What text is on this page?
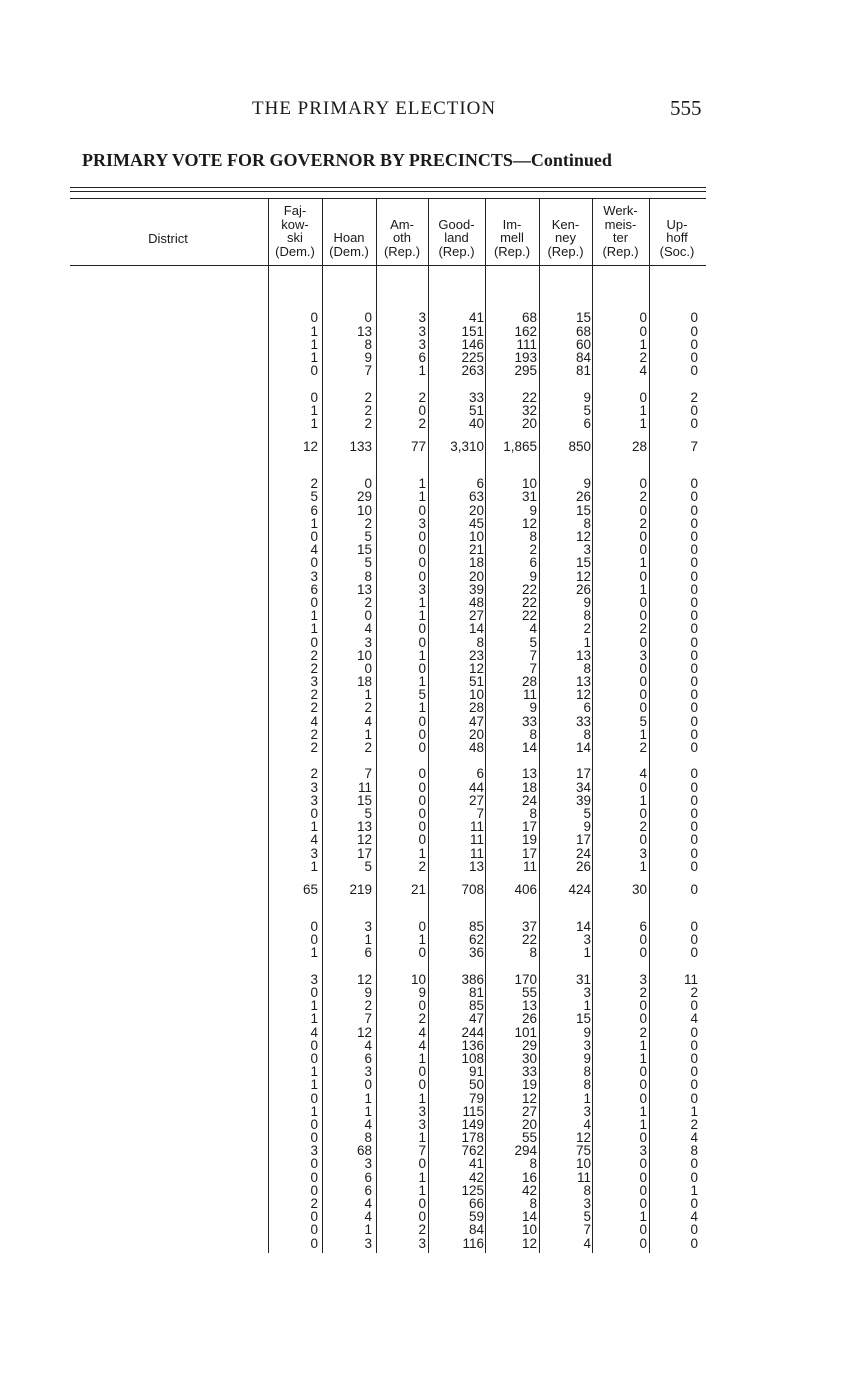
THE PRIMARY ELECTION	555
PRIMARY VOTE FOR GOVERNOR BY PRECINCTS—Continued
District
Faj-
kow-
ski
(Dem.)
Hoan
(Dem.)
Am-
oth
(Rep.)
Good-
land
(Rep.)
Im-
mell
(Rep.)
Ken-
ney
(Rep.)
Werk-
meis-
ter
(Rep.)
Up-
hoff
(Soc.)
0	0	3	41	68	15	0	0
1	13	3	151	162	68	0	0
1	8	3	146	111	60	1	0
1	9	6	225	193	84	2	0
0	7	1	263	295	81	4	0
0	2	2	33	22	9	0	2
1	2	0	51	32	5	1	0
1	2	2	40	20	6	1	0
12	133	77	3,310	1,865	850	28	7
2	0	1	6	10	9	0	0
5	29	1	63	31	26	2	0
6	10	0	20	9	15	0	0
1	2	3	45	12	8	2	0
0	5	0	10	8	12	0	0
4	15	0	21	2	3	0	0
0	5	0	18	6	15	1	0
3	8	0	20	9	12	0	0
6	13	3	39	22	26	1	0
0	2	1	48	22	9	0	0
1	0	1	27	22	8	0	0
1	4	0	14	4	2	2	0
0	3	0	8	5	1	0	0
2	10	1	23	7	13	3	0
2	0	0	12	7	8	0	0
3	18	1	51	28	13	0	0
2	1	5	10	11	12	0	0
2	2	1	28	9	6	0	0
4	4	0	47	33	33	5	0
2	1	0	20	8	8	1	0
2	2	0	48	14	14	2	0
2	7	0	6	13	17	4	0
3	11	0	44	18	34	0	0
3	15	0	27	24	39	1	0
0	5	0	7	8	5	0	0
1	13	0	11	17	9	2	0
4	12	0	11	19	17	0	0
3	17	1	11	17	24	3	0
1	5	2	13	11	26	1	0
65	219	21	708	406	424	30	0
0	3	0	85	37	14	6	0
0	1	1	62	22	3	0	0
1	6	0	36	8	1	0	0
3	12	10	386	170	31	3	11
0	9	9	81	55	3	2	2
1	2	0	85	13	1	0	0
1	7	2	47	26	15	0	4
4	12	4	244	101	9	2	0
0	4	4	136	29	3	1	0
0	6	1	108	30	9	1	0
1	3	0	91	33	8	0	0
1	0	0	50	19	8	0	0
0	1	1	79	12	1	0	0
1	1	3	115	27	3	1	1
0	4	3	149	20	4	1	2
0	8	1	178	55	12	0	4
3	68	7	762	294	75	3	8
0	3	0	41	8	10	0	0
0	6	1	42	16	11	0	0
0	6	1	125	42	8	0	1
2	4	0	66	8	3	0	0
0	4	0	59	14	5	1	4
0	1	2	84	10	7	0	0
0	3	3	116	12	4	0	0
